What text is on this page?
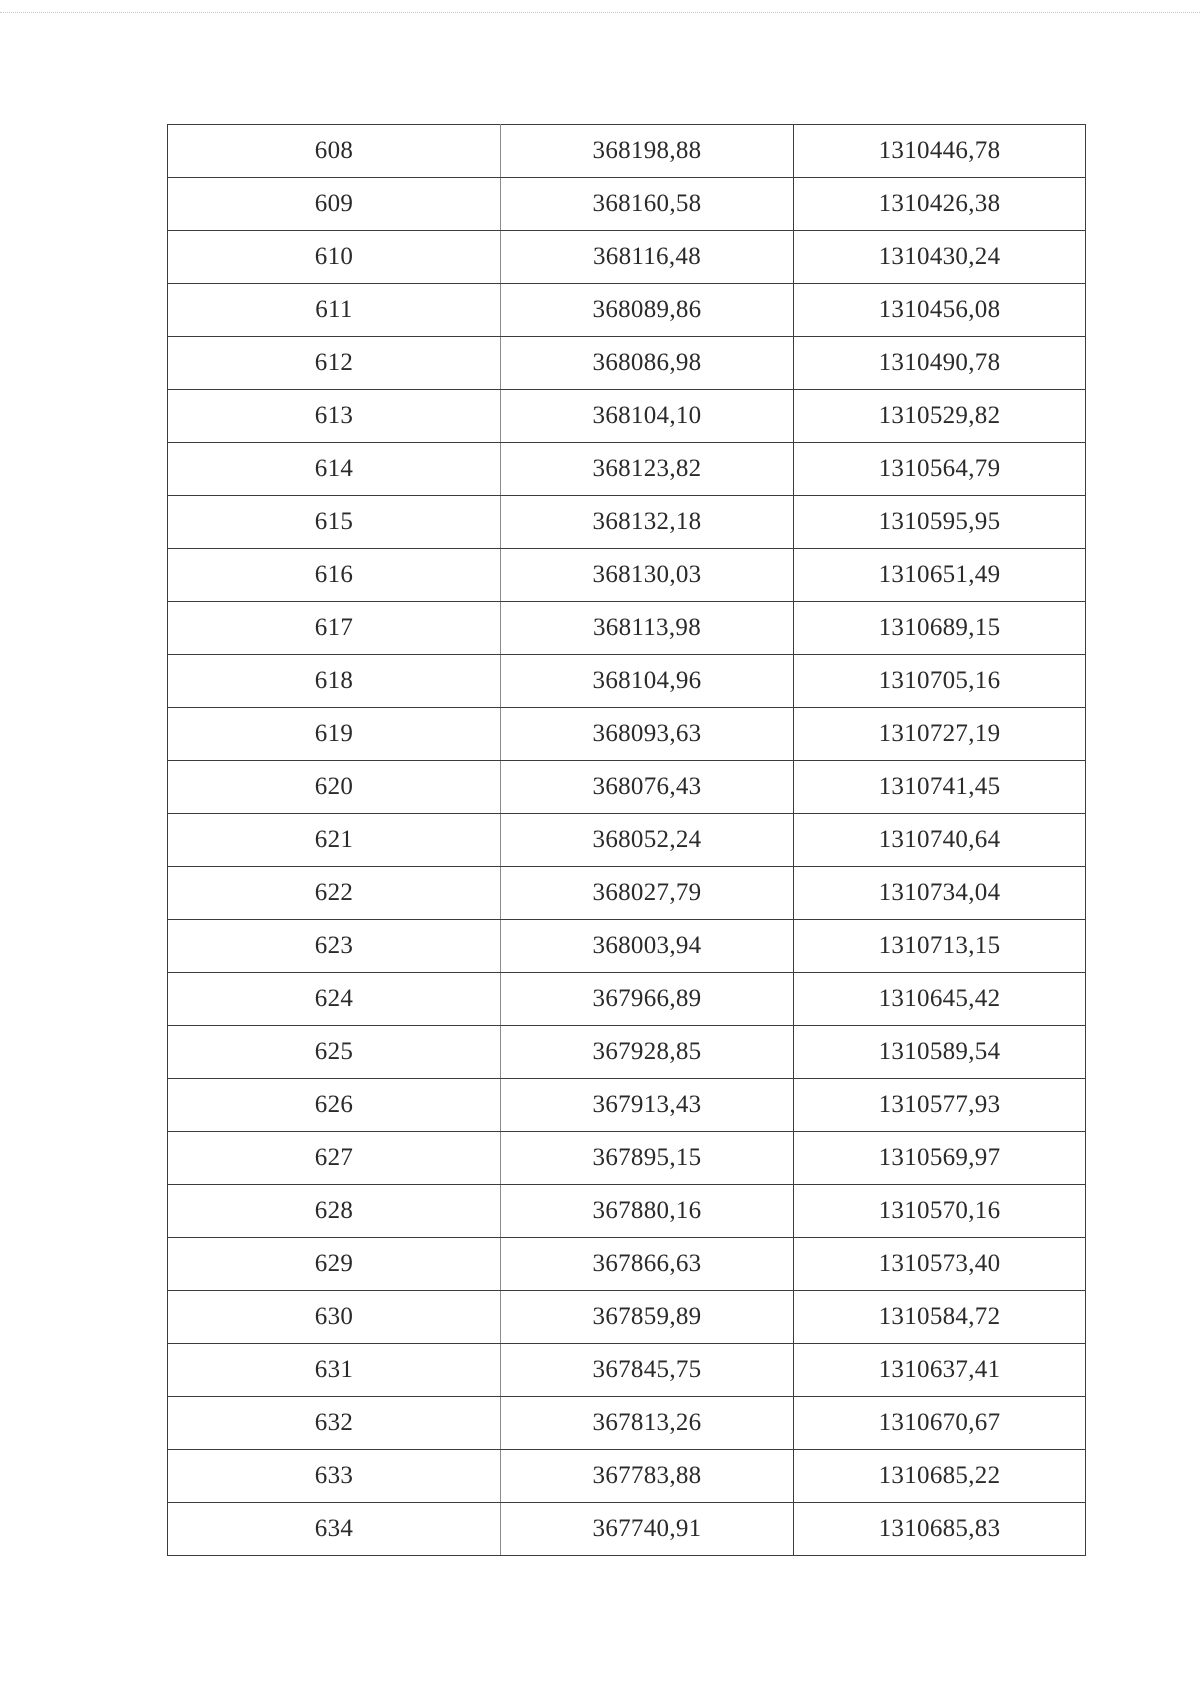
608	368198,88	1310446,78
609	368160,58	1310426,38
610	368116,48	1310430,24
611	368089,86	1310456,08
612	368086,98	1310490,78
613	368104,10	1310529,82
614	368123,82	1310564,79
615	368132,18	1310595,95
616	368130,03	1310651,49
617	368113,98	1310689,15
618	368104,96	1310705,16
619	368093,63	1310727,19
620	368076,43	1310741,45
621	368052,24	1310740,64
622	368027,79	1310734,04
623	368003,94	1310713,15
624	367966,89	1310645,42
625	367928,85	1310589,54
626	367913,43	1310577,93
627	367895,15	1310569,97
628	367880,16	1310570,16
629	367866,63	1310573,40
630	367859,89	1310584,72
631	367845,75	1310637,41
632	367813,26	1310670,67
633	367783,88	1310685,22
634	367740,91	1310685,83
